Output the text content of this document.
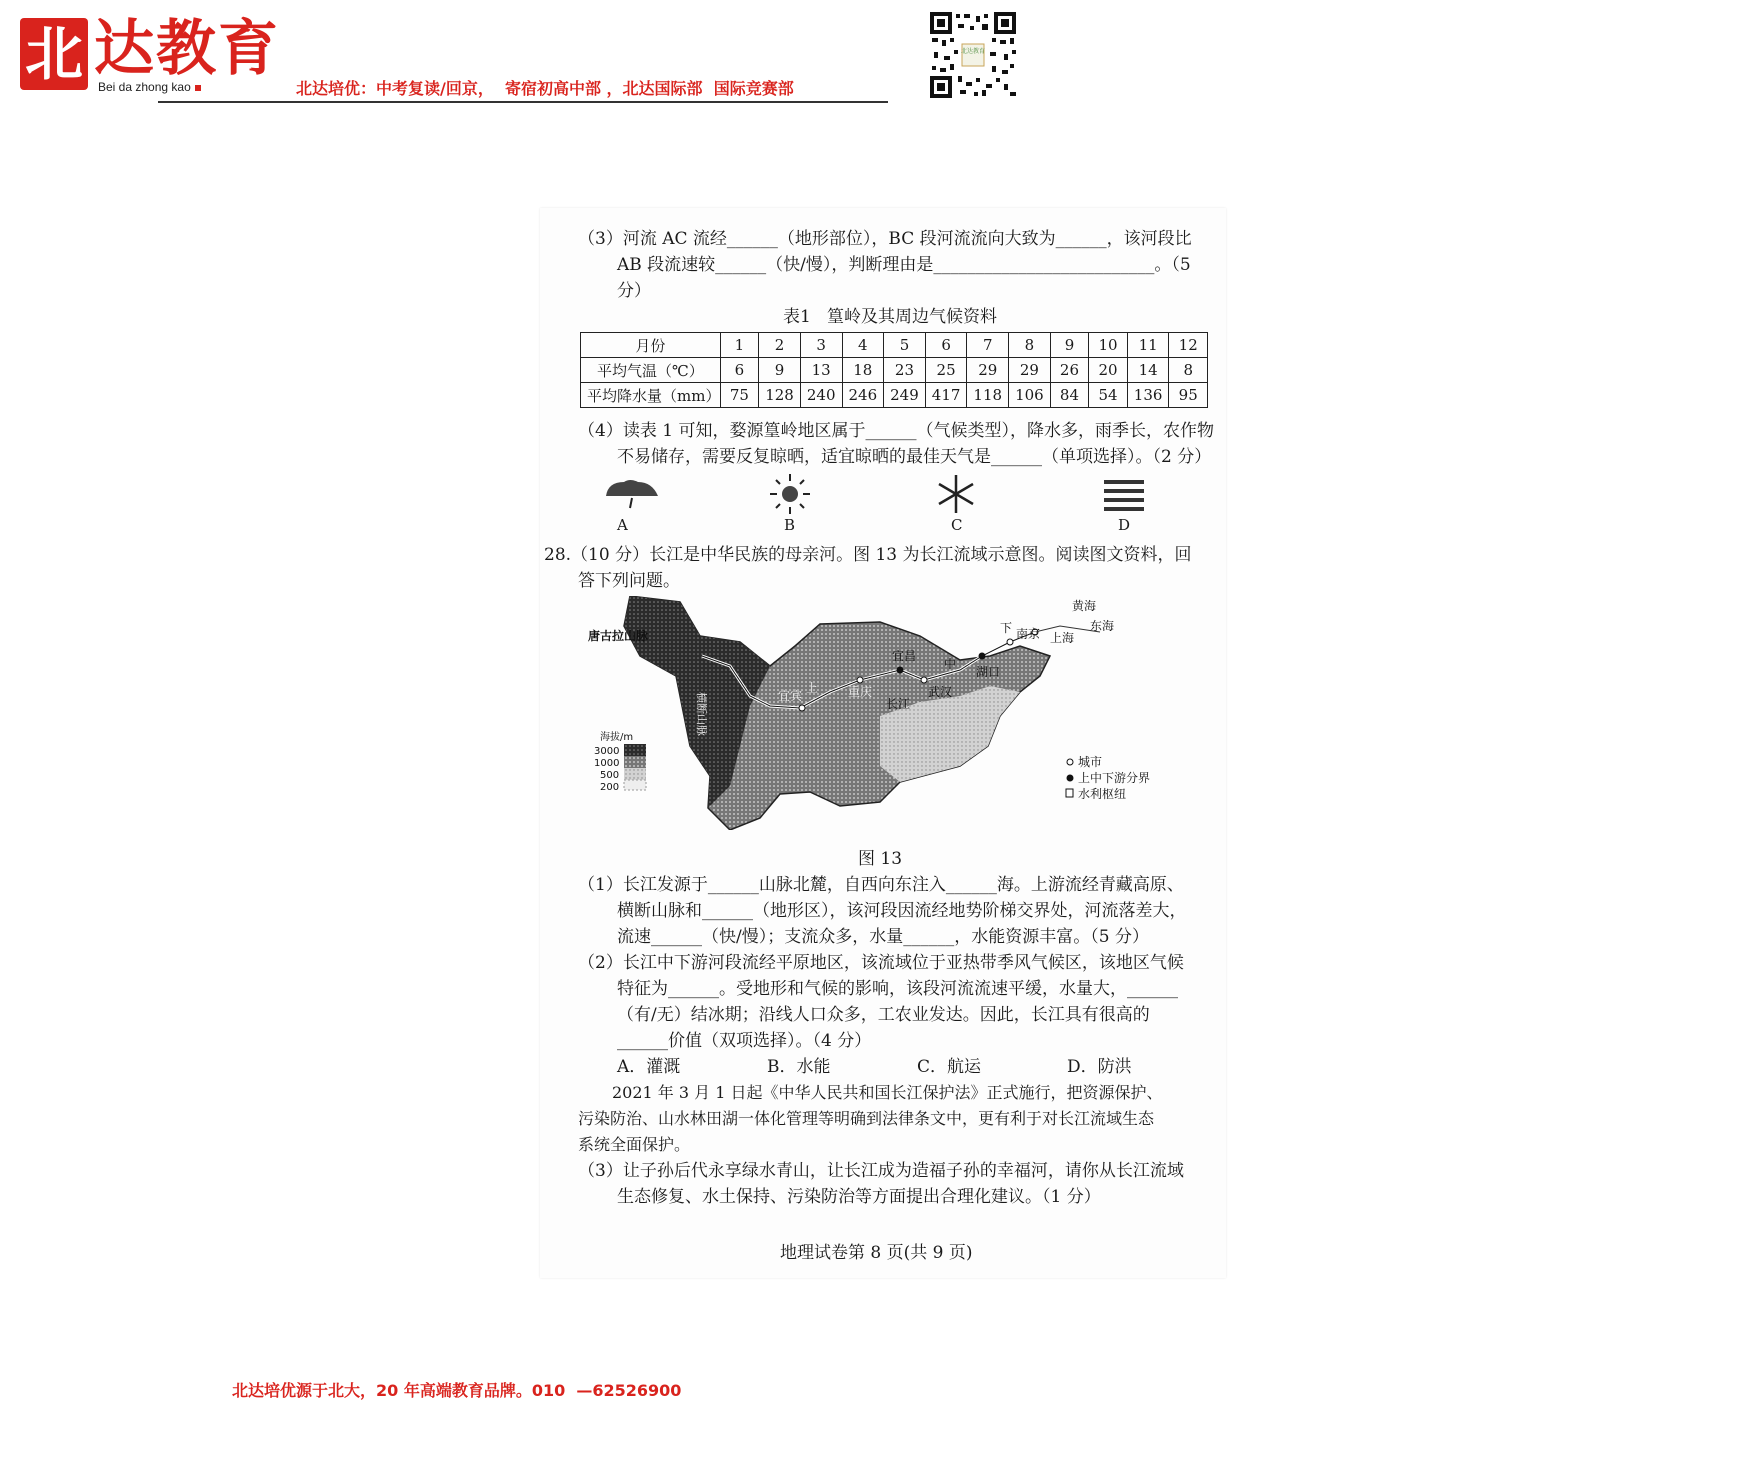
北 达教育
Bei da zhong kao	北达培优：中考复读/回京，  寄宿初高中部 ，北达国际部  国际竞赛部
北达教育
（3）河流 AC 流经______（地形部位），BC 段河流流向大致为______，该河段比
AB 段流速较______（快/慢），判断理由是__________________________。（5
分）
表1   篁岭及其周边气候资料
月份	1	2	3	4	5	6	7	8	9	10	11	12
平均气温（℃）	6	9	13	18	23	25	29	29	26	20	14	8
平均降水量（mm）	75	128	240	246	249	417	118	106	84	54	136	95
（4）读表 1 可知，婺源篁岭地区属于______（气候类型），降水多，雨季长，农作物
不易储存，需要反复晾晒，适宜晾晒的最佳天气是______（单项选择）。（2 分）
A	B	C	D
28.（10 分）长江是中华民族的母亲河。图 13 为长江流域示意图。阅读图文资料，回
答下列问题。
唐古拉山脉
横断山脉	宜宾	重庆
宜昌
武汉
湖口
南京 上海
黄海
东海
上
中
下
长江
海拔/m
3000
1000
500
200
城市
上中下游分界
水利枢纽
图 13
（1）长江发源于______山脉北麓，自西向东注入______海。上游流经青藏高原、
横断山脉和______（地形区），该河段因流经地势阶梯交界处，河流落差大，
流速______（快/慢）；支流众多，水量______，水能资源丰富。（5 分）
（2）长江中下游河段流经平原地区，该流域位于亚热带季风气候区，该地区气候
特征为______。受地形和气候的影响，该段河流流速平缓，水量大，______
（有/无）结冰期；沿线人口众多，工农业发达。因此，长江具有很高的
______价值（双项选择）。（4 分）
A．灌溉	B．水能	C．航运	D．防洪
2021 年 3 月 1 日起《中华人民共和国长江保护法》正式施行，把资源保护、
污染防治、山水林田湖一体化管理等明确到法律条文中，更有利于对长江流域生态
系统全面保护。
（3）让子孙后代永享绿水青山，让长江成为造福子孙的幸福河，请你从长江流域
生态修复、水土保持、污染防治等方面提出合理化建议。（1 分）
地理试卷第 8 页(共 9 页)
北达培优源于北大，20 年高端教育品牌。010  —62526900
